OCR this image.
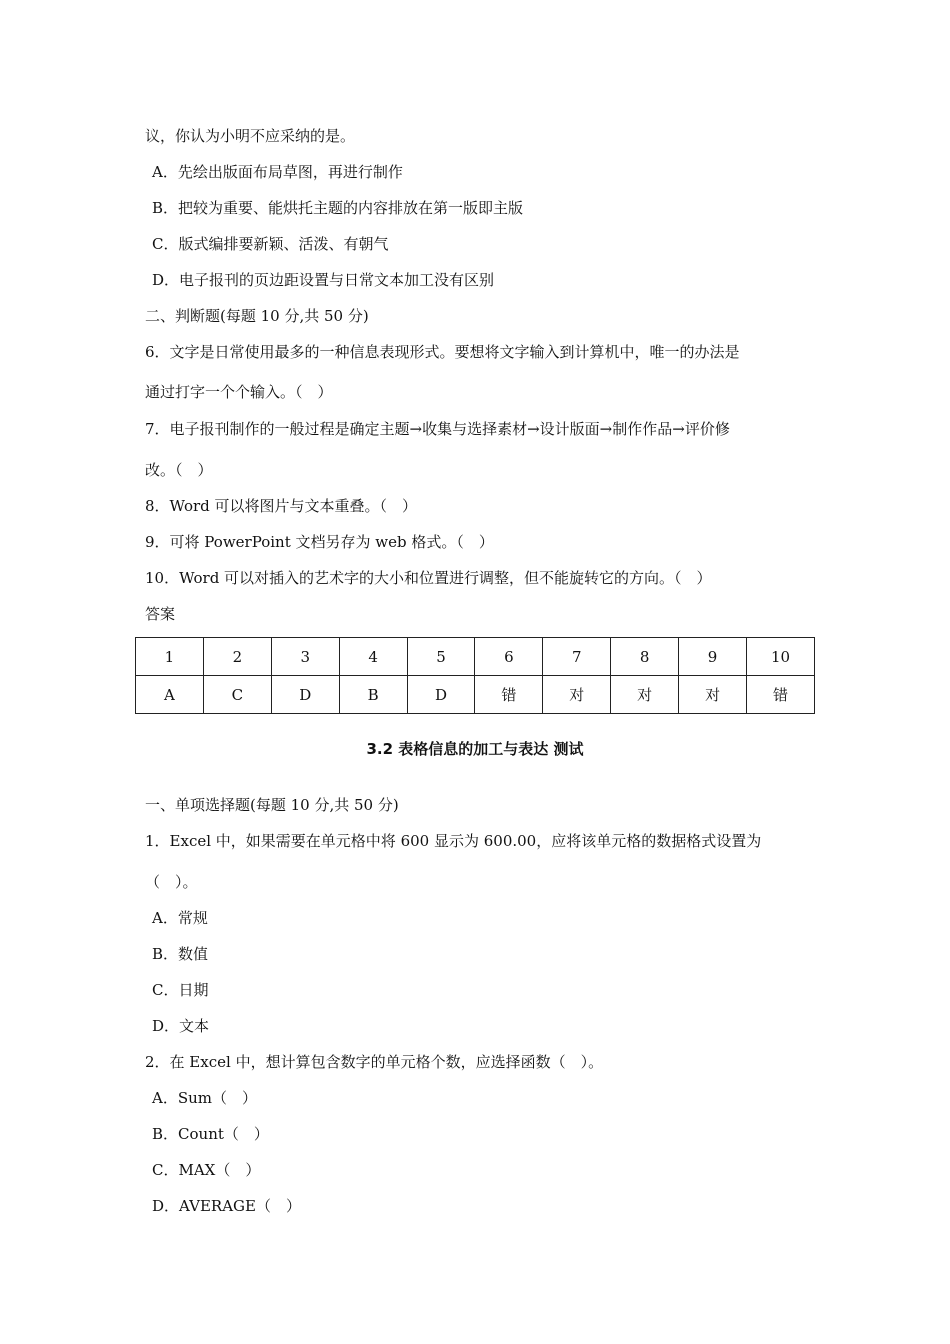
议，你认为小明不应采纳的是。
A．先绘出版面布局草图，再进行制作
B．把较为重要、能烘托主题的内容排放在第一版即主版
C．版式编排要新颖、活泼、有朝气
D．电子报刊的页边距设置与日常文本加工没有区别
二、判断题(每题 10 分,共 50 分)
6．文字是日常使用最多的一种信息表现形式。要想将文字输入到计算机中，唯一的办法是
通过打字一个个输入。（　）
7．电子报刊制作的一般过程是确定主题→收集与选择素材→设计版面→制作作品→评价修
改。（　）
8．Word 可以将图片与文本重叠。（　）
9．可将 PowerPoint 文档另存为 web 格式。（　）
10．Word 可以对插入的艺术字的大小和位置进行调整，但不能旋转它的方向。（　）
答案
1	2	3	4	5	6	7	8	9	10
A	C	D	B	D	错	对	对	对	错
3.2 表格信息的加工与表达 测试
一、单项选择题(每题 10 分,共 50 分)
1．Excel 中，如果需要在单元格中将 600 显示为 600.00，应将该单元格的数据格式设置为
（　）。
A．常规
B．数值
C．日期
D．文本
2．在 Excel 中，想计算包含数字的单元格个数，应选择函数（　）。
A．Sum（　）
B．Count（　）
C．MAX（　）
D．AVERAGE（　）
